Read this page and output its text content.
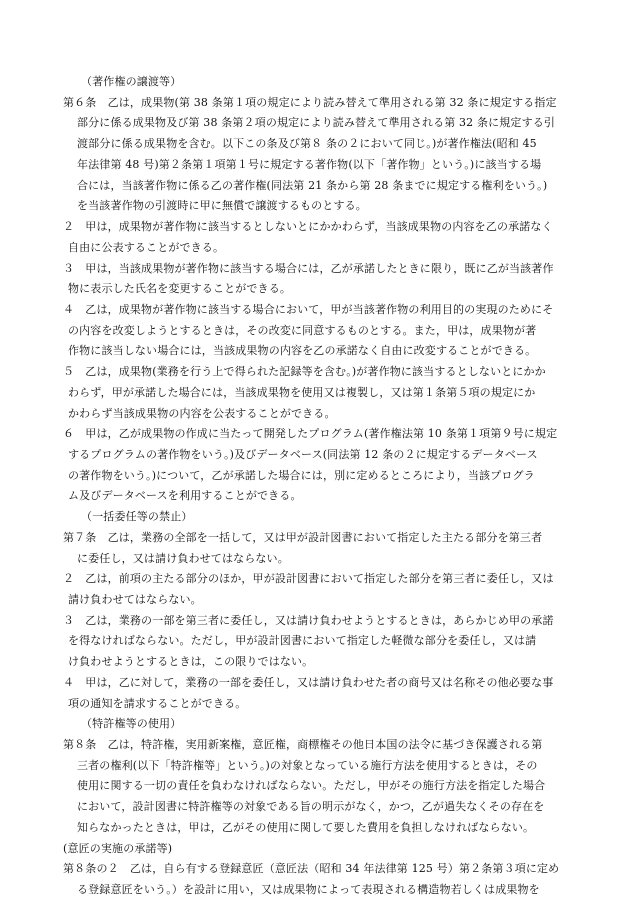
（著作権の譲渡等）
第６条　乙は，成果物(第 38 条第１項の規定により読み替えて準用される第 32 条に規定する指定
部分に係る成果物及び第 38 条第２項の規定により読み替えて準用される第 32 条に規定する引
渡部分に係る成果物を含む。以下この条及び第８ 条の２において同じ。)が著作権法(昭和 45
年法律第 48 号)第２条第１項第１号に規定する著作物(以下「著作物」という。)に該当する場
合には，当該著作物に係る乙の著作権(同法第 21 条から第 28 条までに規定する権利をいう。)
を当該著作物の引渡時に甲に無償で譲渡するものとする。
２　甲は，成果物が著作物に該当するとしないとにかかわらず，当該成果物の内容を乙の承諾なく
自由に公表することができる。
３　甲は，当該成果物が著作物に該当する場合には，乙が承諾したときに限り，既に乙が当該著作
物に表示した氏名を変更することができる。
４　乙は，成果物が著作物に該当する場合において，甲が当該著作物の利用目的の実現のためにそ
の内容を改変しようとするときは，その改変に同意するものとする。また，甲は，成果物が著
作物に該当しない場合には，当該成果物の内容を乙の承諾なく自由に改変することができる。
５　乙は，成果物(業務を行う上で得られた記録等を含む。)が著作物に該当するとしないとにかか
わらず，甲が承諾した場合には，当該成果物を使用又は複製し，又は第１条第５項の規定にか
かわらず当該成果物の内容を公表することができる。
６　甲は，乙が成果物の作成に当たって開発したプログラム(著作権法第 10 条第１項第９号に規定
するプログラムの著作物をいう。)及びデータベース(同法第 12 条の２に規定するデータベース
の著作物をいう。)について，乙が承諾した場合には，別に定めるところにより，当該プログラ
ム及びデータベースを利用することができる。
（一括委任等の禁止）
第７条　乙は，業務の全部を一括して，又は甲が設計図書において指定した主たる部分を第三者
に委任し，又は請け負わせてはならない。
２　乙は，前項の主たる部分のほか，甲が設計図書において指定した部分を第三者に委任し，又は
請け負わせてはならない。
３　乙は，業務の一部を第三者に委任し，又は請け負わせようとするときは，あらかじめ甲の承諾
を得なければならない。ただし，甲が設計図書において指定した軽微な部分を委任し，又は請
け負わせようとするときは，この限りではない。
４　甲は，乙に対して，業務の一部を委任し，又は請け負わせた者の商号又は名称その他必要な事
項の通知を請求することができる。
（特許権等の使用）
第８条　乙は，特許権，実用新案権，意匠権，商標権その他日本国の法令に基づき保護される第
三者の権利(以下「特許権等」という。)の対象となっている施行方法を使用するときは，その
使用に関する一切の責任を負わなければならない。ただし，甲がその施行方法を指定した場合
において，設計図書に特許権等の対象である旨の明示がなく，かつ，乙が過失なくその存在を
知らなかったときは，甲は，乙がその使用に関して要した費用を負担しなければならない。
(意匠の実施の承諾等)
第８条の２　乙は，自ら有する登録意匠（意匠法（昭和 34 年法律第 125 号）第２条第３項に定め
る登録意匠をいう。）を設計に用い，又は成果物によって表現される構造物若しくは成果物を
